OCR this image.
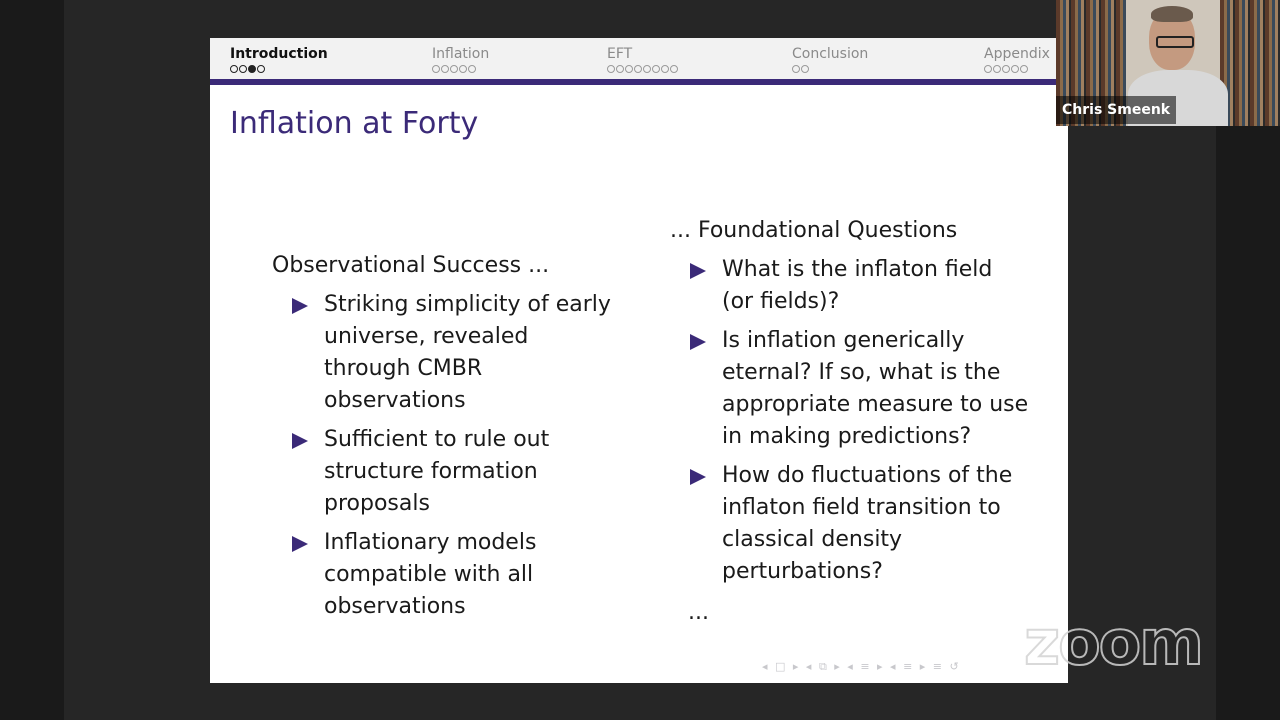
Introduction	Inflation	EFT	Conclusion	Appendix
Inflation at Forty
Observational Success ...
Striking simplicity of early universe, revealed through CMBR observations
Sufficient to rule out structure formation proposals
Inflationary models compatible with all observations
... Foundational Questions
What is the inflaton field (or fields)?
Is inflation generically eternal? If so, what is the appropriate measure to use in making predictions?
How do fluctuations of the inflaton field transition to classical density perturbations?
...
◂ □ ▸ ◂ ⧉ ▸ ◂ ≡ ▸ ◂ ≡ ▸ ≡ ↺
Chris Smeenk
zoom
